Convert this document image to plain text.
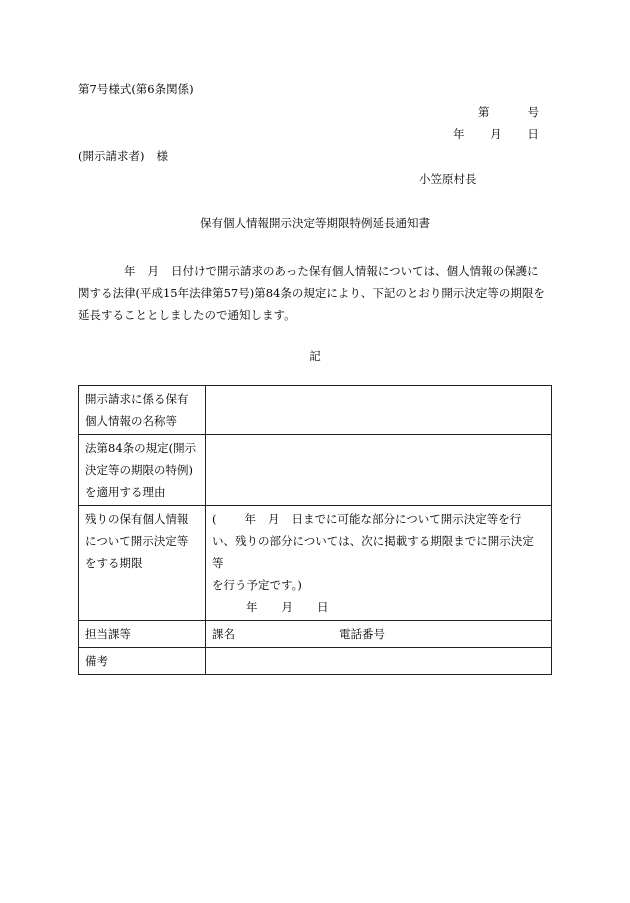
第7号様式(第6条関係)
第	号
年 月 日
(開示請求者) 様
小笠原村長
保有個人情報開示決定等期限特例延長通知書
年 月 日付けで開示請求のあった保有個人情報については、個人情報の保護に
関する法律(平成15年法律第57号)第84条の規定により、下記のとおり開示決定等の期限を
延長することとしましたので通知します。
記
開示請求に係る保有個人情報の名称等	
法第84条の規定(開示決定等の期限の特例)を適用する理由	
残りの保有個人情報について開示決定等をする期限	( 年 月 日までに可能な部分について開示決定等を行
い、残りの部分については、次に掲載する期限までに開示決定等
を行う予定です。)
年 月 日

担当課等	課名 電話番号
備考	
